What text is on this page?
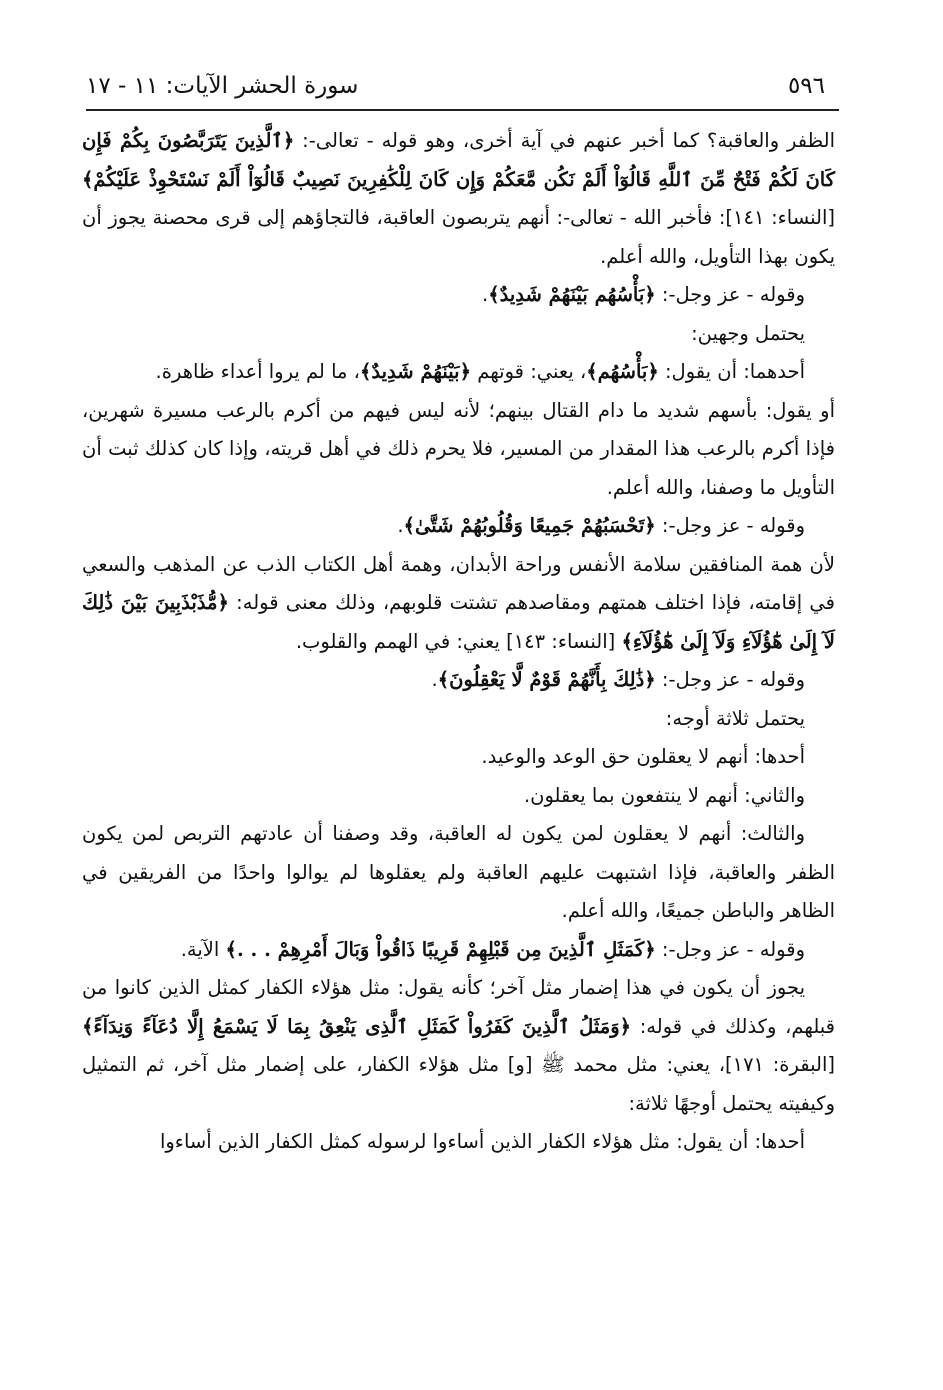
٥٩٦
سورة الحشر الآيات: ١١ - ١٧

الظفر والعاقبة؟ كما أخبر عنهم في آية أخرى، وهو قوله - تعالى-: ﴿ٱلَّذِينَ يَتَرَبَّصُونَ بِكُمْ فَإِن كَانَ لَكُمْ فَتْحٌ مِّنَ ٱللَّهِ قَالُوٓاْ أَلَمْ نَكُن مَّعَكُمْ وَإِن كَانَ لِلْكَٰفِرِينَ نَصِيبٌ قَالُوٓاْ أَلَمْ نَسْتَحْوِذْ عَلَيْكُمْ﴾ [النساء: ١٤١]: فأخبر الله - تعالى-: أنهم يتربصون العاقبة، فالتجاؤهم إلى قرى محصنة يجوز أن يكون بهذا التأويل، والله أعلم.

وقوله - عز وجل-: ﴿بَأْسُهُم بَيْنَهُمْ شَدِيدٌ﴾.

يحتمل وجهين:

أحدهما: أن يقول: ﴿بَأْسُهُم﴾، يعني: قوتهم ﴿بَيْنَهُمْ شَدِيدٌ﴾، ما لم يروا أعداء ظاهرة.

أو يقول: بأسهم شديد ما دام القتال بينهم؛ لأنه ليس فيهم من أكرم بالرعب مسيرة شهرين، فإذا أكرم بالرعب هذا المقدار من المسير، فلا يحرم ذلك في أهل قريته، وإذا كان كذلك ثبت أن التأويل ما وصفنا، والله أعلم.

وقوله - عز وجل-: ﴿تَحْسَبُهُمْ جَمِيعًا وَقُلُوبُهُمْ شَتَّىٰ﴾.

لأن همة المنافقين سلامة الأنفس وراحة الأبدان، وهمة أهل الكتاب الذب عن المذهب والسعي في إقامته، فإذا اختلف همتهم ومقاصدهم تشتت قلوبهم، وذلك معنى قوله: ﴿مُّذَبْذَبِينَ بَيْنَ ذَٰلِكَ لَآ إِلَىٰ هَٰٓؤُلَآءِ وَلَآ إِلَىٰ هَٰٓؤُلَآءِ﴾ [النساء: ١٤٣] يعني: في الهمم والقلوب.

وقوله - عز وجل-: ﴿ذَٰلِكَ بِأَنَّهُمْ قَوْمٌ لَّا يَعْقِلُونَ﴾.

يحتمل ثلاثة أوجه:

أحدها: أنهم لا يعقلون حق الوعد والوعيد.

والثاني: أنهم لا ينتفعون بما يعقلون.

والثالث: أنهم لا يعقلون لمن يكون له العاقبة، وقد وصفنا أن عادتهم التربص لمن يكون الظفر والعاقبة، فإذا اشتبهت عليهم العاقبة ولم يعقلوها لم يوالوا واحدًا من الفريقين في الظاهر والباطن جميعًا، والله أعلم.

وقوله - عز وجل-: ﴿كَمَثَلِ ٱلَّذِينَ مِن قَبْلِهِمْ قَرِيبًا ذَاقُواْ وَبَالَ أَمْرِهِمْ . . .﴾ الآية.

يجوز أن يكون في هذا إضمار مثل آخر؛ كأنه يقول: مثل هؤلاء الكفار كمثل الذين كانوا من قبلهم، وكذلك في قوله: ﴿وَمَثَلُ ٱلَّذِينَ كَفَرُواْ كَمَثَلِ ٱلَّذِى يَنْعِقُ بِمَا لَا يَسْمَعُ إِلَّا دُعَآءً وَنِدَآءً﴾ [البقرة: ١٧١]، يعني: مثل محمد ﷺ [و] مثل هؤلاء الكفار، على إضمار مثل آخر، ثم التمثيل وكيفيته يحتمل أوجهًا ثلاثة:

أحدها: أن يقول: مثل هؤلاء الكفار الذين أساءوا لرسوله كمثل الكفار الذين أساءوا
